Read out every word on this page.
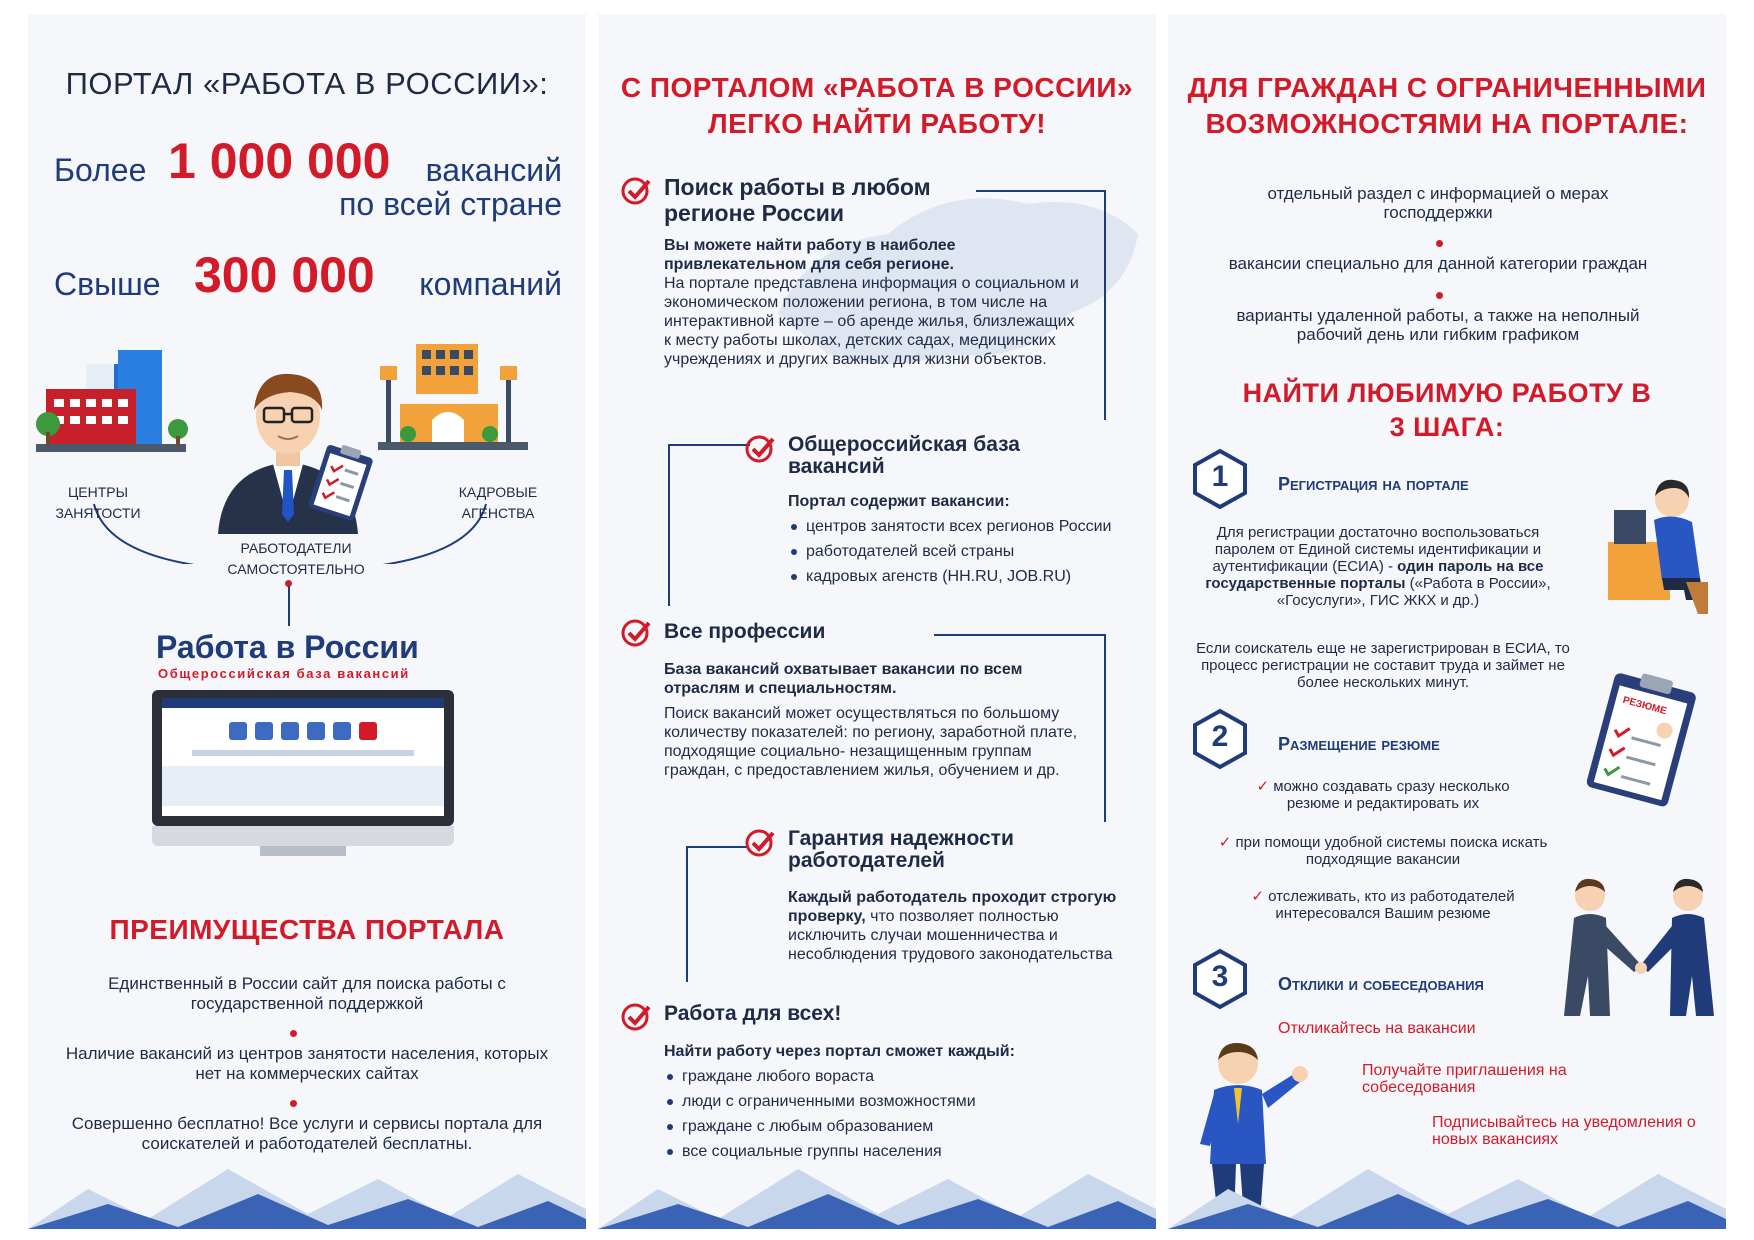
ПОРТАЛ «РАБОТА В РОССИИ»:
Более 1 000 000 вакансий
по всей стране
Свыше 300 000 компаний
ЦЕНТРЫ ЗАНЯТОСТИ
РАБОТОДАТЕЛИ САМОСТОЯТЕЛЬНО
КАДРОВЫЕ АГЕНСТВА
Работа в России
Общероссийская база вакансий
ПРЕИМУЩЕСТВА ПОРТАЛА
Единственный в России сайт для поиска работы с государственной поддержкой
Наличие вакансий из центров занятости населения, которых нет на коммерческих сайтах
Совершенно бесплатно! Все услуги и сервисы портала для соискателей и работодателей бесплатны.
С ПОРТАЛОМ «РАБОТА В РОССИИ»
ЛЕГКО НАЙТИ РАБОТУ!
Поиск работы в любом регионе России
Вы можете найти работу в наиболее привлекательном для себя регионе.
На портале представлена информация о социальном и экономическом положении региона, в том числе на интерактивной карте – об аренде жилья, близлежащих к месту работы школах, детских садах, медицинских учреждениях и других важных для жизни объектов.
Общероссийская база вакансий
Портал содержит вакансии:
центров занятости всех регионов России
работодателей всей страны
кадровых агенств (HH.RU, JOB.RU)
Все профессии
База вакансий охватывает вакансии по всем отраслям и специальностям.
Поиск вакансий может осуществляться по большому количеству показателей: по региону, заработной плате, подходящие социально- незащищенным группам граждан, с предоставлением жилья, обучением и др.
Гарантия надежности работодателей
Каждый работодатель проходит строгую проверку, что позволяет полностью исключить случаи мошенничества и несоблюдения трудового законодательства
Работа для всех!
Найти работу через портал сможет каждый:
граждане любого вораста
люди с ограниченными возможностями
граждане с любым образованием
все социальные группы населения
ДЛЯ ГРАЖДАН С ОГРАНИЧЕННЫМИ
ВОЗМОЖНОСТЯМИ НА ПОРТАЛЕ:
отдельный раздел с информацией о мерах господдержки
вакансии специально для данной категории граждан
варианты удаленной работы, а также на неполный рабочий день или гибким графиком
НАЙТИ ЛЮБИМУЮ РАБОТУ В
3 ШАГА:
1	Регистрация на портале
Для регистрации достаточно воспользоваться паролем от Единой системы идентификации и аутентификации (ЕСИА) - один пароль на все государственные порталы («Работа в России», «Госуслуги», ГИС ЖКХ и др.)
Если соискатель еще не зарегистрирован в ЕСИА, то процесс регистрации не составит труда и займет не более нескольких минут.
2	Размещение резюме
✓ можно создавать сразу несколько резюме и редактировать их
✓ при помощи удобной системы поиска искать подходящие вакансии
✓ отслеживать, кто из работодателей интересовался Вашим резюме
РЕЗЮМЕ
3	Отклики и собеседования
Откликайтесь на вакансии
Получайте приглашения на собеседования
Подписывайтесь на уведомления о новых вакансиях
